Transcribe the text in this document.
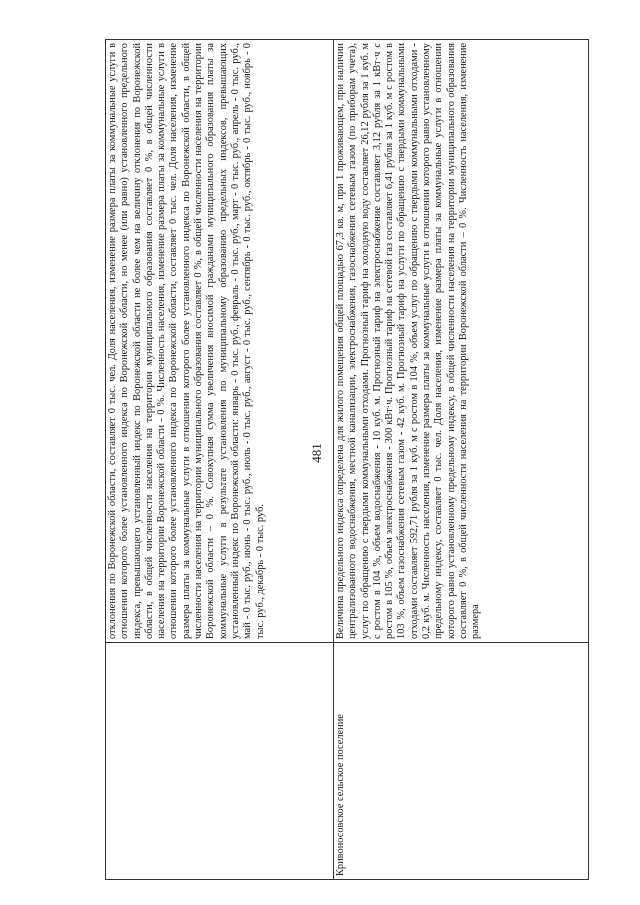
481
	отклонения по Воронежской области, составляет 0 тыс. чел. Доля населения, изменение размера платы за коммунальные услуги в отношении которого более установленного индекса по Воронежской области, но менее (или равно) установленного предельного индекса, превышающего установленный индекс по Воронежской области не более чем на величину отклонения по Воронежской области, в общей численности населения на территории муниципального образования составляет 0 %, в общей численности населения на территории Воронежской области - 0 %. Численность населения, изменение размера платы за коммунальные услуги в отношении которого более установленного индекса по Воронежской области, составляет 0 тыс. чел. Доля населения, изменение размера платы за коммунальные услуги в отношении которого более установленного индекса по Воронежской области, в общей численности населения на территории муниципального образования составляет 0 %, в общей численности населения на территории Воронежской области – 0 %. Совокупная сумма увеличения вносимой гражданами муниципального образования платы за коммунальные услуги в результате установления по муниципальному образованию предельных индексов, превышающих установленный индекс по Воронежской области: январь - 0 тыс. руб., февраль - 0 тыс. руб., март - 0 тыс. руб., апрель - 0 тыс. руб., май - 0 тыс. руб., июнь - 0 тыс. руб., июль - 0 тыс. руб., август - 0 тыс. руб., сентябрь - 0 тыс. руб., октябрь - 0 тыс. руб., ноябрь - 0 тыс. руб., декабрь - 0 тыс. руб.
Кривоносовское сельское поселение	Величина предельного индекса определена для жилого помещения общей площадью 67,3 кв. м, при 1 проживающем, при наличии централизованного водоснабжения, местной канализации, электроснабжения, газоснабжения сетевым газом (по приборам учета), услуг по обращению с твердыми коммунальными отходами. Прогнозный тариф на холодную воду составляет 26,12 рубля за 1 куб. м с ростом в 104 %, объем водоснабжения - 10 куб. м. Прогнозный тариф на электроснабжение составляет 3,12 рубля за 1 кВт·ч с ростом в 105 %, объем электроснабжения - 300 кВт·ч. Прогнозный тариф на сетевой газ составляет 6,41 рубля за 1 куб. м с ростом в 103 %, объем газоснабжения сетевым газом - 42 куб. м. Прогнозный тариф на услуги по обращению с твердыми коммунальными отходами составляет 592,71 рубля за 1 куб. м с ростом в 104 %, объем услуг по обращению с твердыми коммунальными отходами - 0,2 куб. м. Численность населения, изменение размера платы за коммунальные услуги в отношении которого равно установленному предельному индексу, составляет 0 тыс. чел. Доля населения, изменение размера платы за коммунальные услуги в отношении которого равно установленному предельному индексу, в общей численности населения на территории муниципального образования составляет 0 %, в общей численности населения на территории Воронежской области – 0 %. Численность населения, изменение размера
